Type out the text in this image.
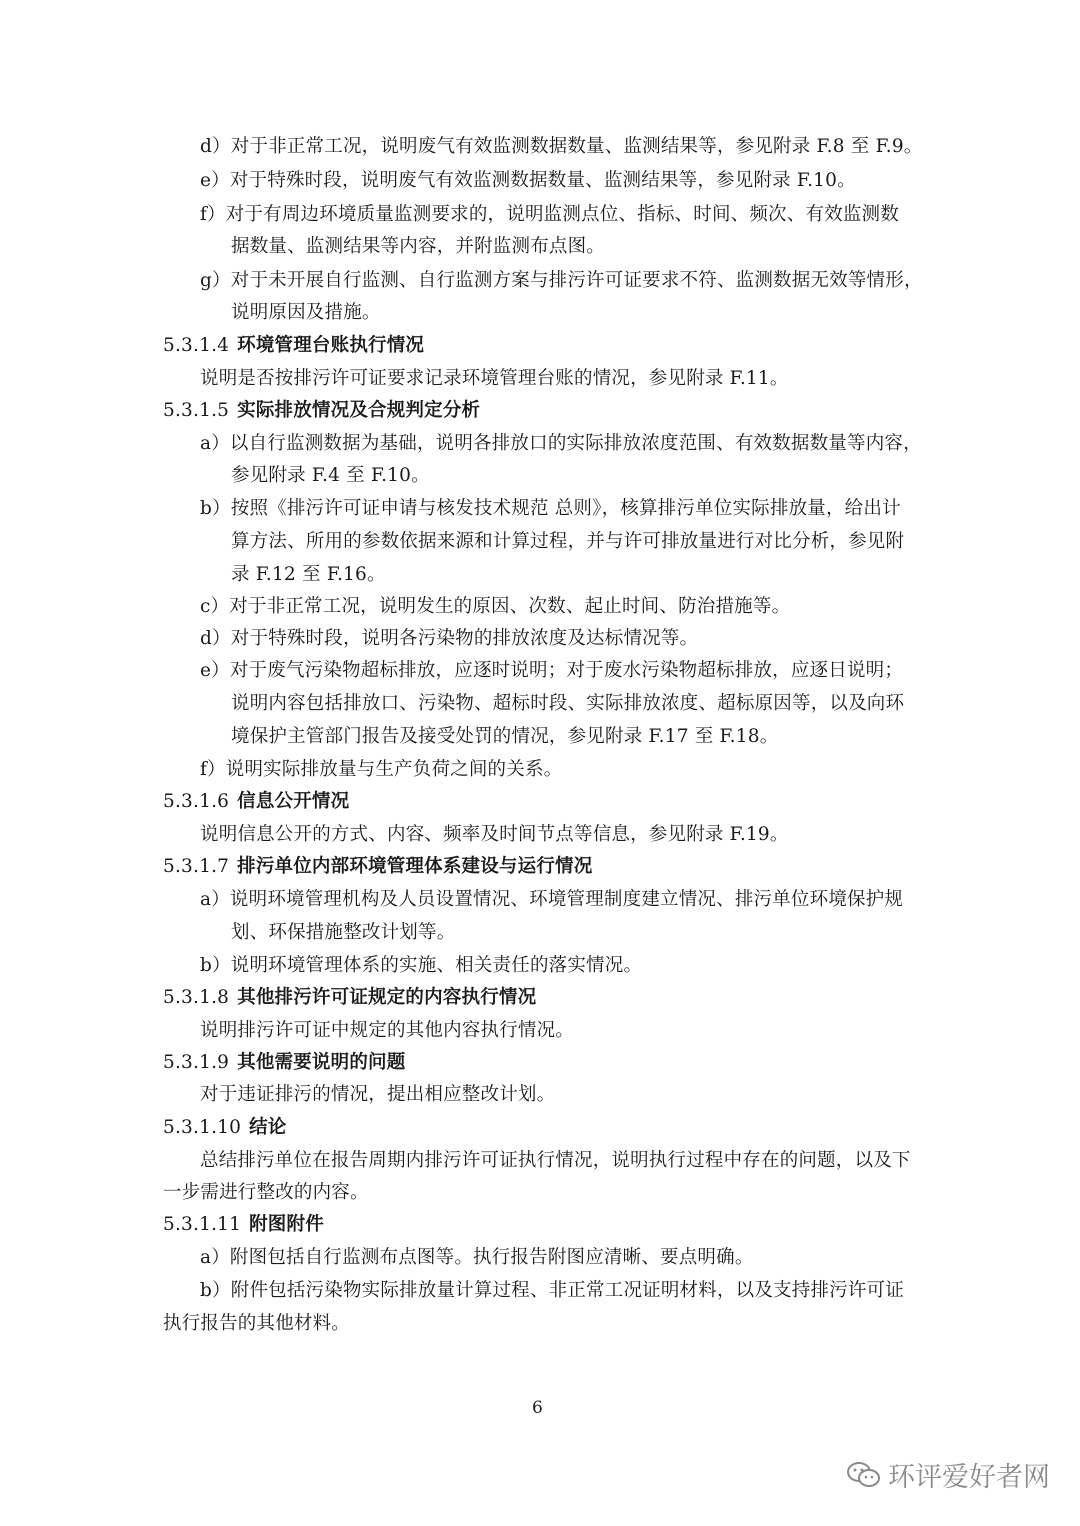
d）对于非正常工况，说明废气有效监测数据数量、监测结果等，参见附录 F.8 至 F.9。
e）对于特殊时段，说明废气有效监测数据数量、监测结果等，参见附录 F.10。
f）对于有周边环境质量监测要求的，说明监测点位、指标、时间、频次、有效监测数
据数量、监测结果等内容，并附监测布点图。
g）对于未开展自行监测、自行监测方案与排污许可证要求不符、监测数据无效等情形，
说明原因及措施。
5.3.1.4 环境管理台账执行情况
说明是否按排污许可证要求记录环境管理台账的情况，参见附录 F.11。
5.3.1.5 实际排放情况及合规判定分析
a）以自行监测数据为基础，说明各排放口的实际排放浓度范围、有效数据数量等内容，
参见附录 F.4 至 F.10。
b）按照《排污许可证申请与核发技术规范 总则》，核算排污单位实际排放量，给出计
算方法、所用的参数依据来源和计算过程，并与许可排放量进行对比分析，参见附
录 F.12 至 F.16。
c）对于非正常工况，说明发生的原因、次数、起止时间、防治措施等。
d）对于特殊时段，说明各污染物的排放浓度及达标情况等。
e）对于废气污染物超标排放，应逐时说明；对于废水污染物超标排放，应逐日说明；
说明内容包括排放口、污染物、超标时段、实际排放浓度、超标原因等，以及向环
境保护主管部门报告及接受处罚的情况，参见附录 F.17 至 F.18。
f）说明实际排放量与生产负荷之间的关系。
5.3.1.6 信息公开情况
说明信息公开的方式、内容、频率及时间节点等信息，参见附录 F.19。
5.3.1.7 排污单位内部环境管理体系建设与运行情况
a）说明环境管理机构及人员设置情况、环境管理制度建立情况、排污单位环境保护规
划、环保措施整改计划等。
b）说明环境管理体系的实施、相关责任的落实情况。
5.3.1.8 其他排污许可证规定的内容执行情况
说明排污许可证中规定的其他内容执行情况。
5.3.1.9 其他需要说明的问题
对于违证排污的情况，提出相应整改计划。
5.3.1.10 结论
总结排污单位在报告周期内排污许可证执行情况，说明执行过程中存在的问题，以及下
一步需进行整改的内容。
5.3.1.11 附图附件
a）附图包括自行监测布点图等。执行报告附图应清晰、要点明确。
b）附件包括污染物实际排放量计算过程、非正常工况证明材料，以及支持排污许可证
执行报告的其他材料。
6
环评爱好者网
